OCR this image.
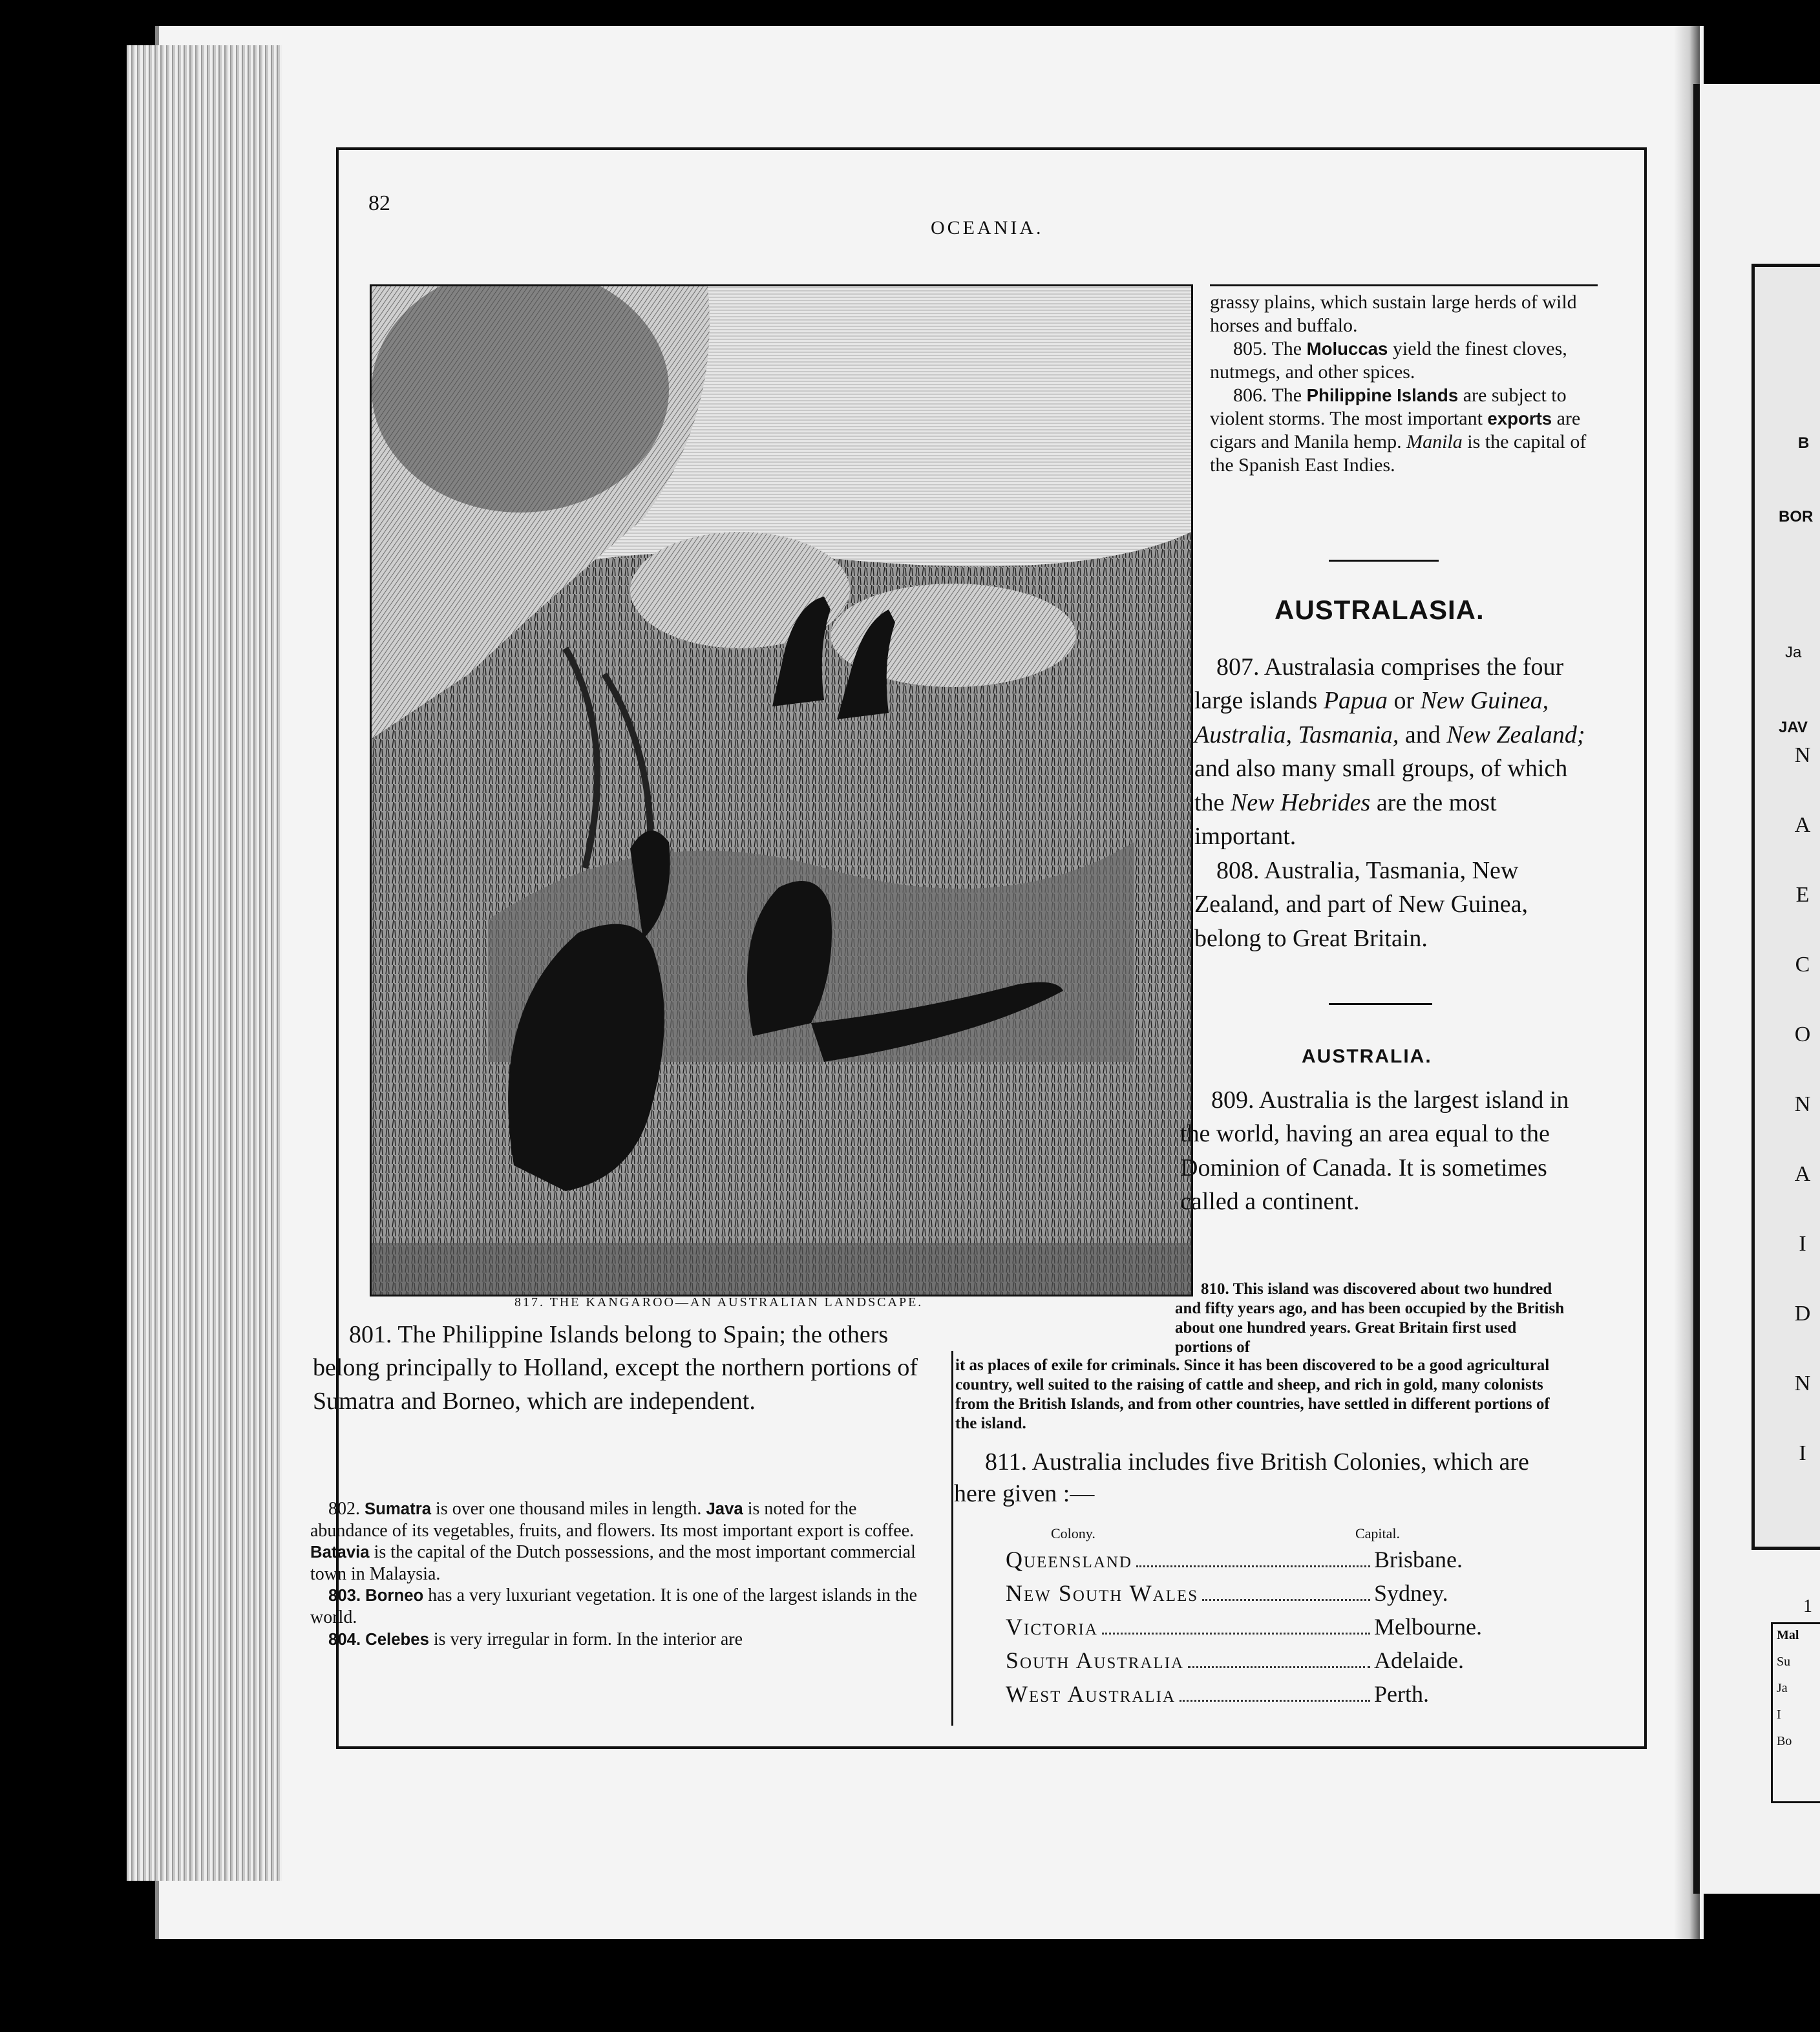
B
BOR
Ja
JAV
N
A
E
C
O
N
A
I
D
N
I
1
Mal
Su
Ja
I
Bo
82
OCEANIA.
817. THE KANGAROO—AN AUSTRALIAN LANDSCAPE.
grassy plains, which sustain large herds of wild horses and buffalo.
805. The Moluccas yield the finest cloves, nutmegs, and other spices.
806. The Philippine Islands are subject to violent storms. The most important exports are cigars and Manila hemp. Manila is the capital of the Spanish East Indies.
AUSTRALASIA.
807. Australasia comprises the four large islands Papua or New Guinea, Australia, Tasmania, and New Zealand; and also many small groups, of which the New Hebrides are the most important.
808. Australia, Tasmania, New Zealand, and part of New Guinea, belong to Great Britain.
AUSTRALIA.
809. Australia is the largest island in the world, having an area equal to the Dominion of Canada. It is sometimes called a continent.
810. This island was discovered about two hundred and fifty years ago, and has been occupied by the British about one hundred years. Great Britain first used portions of
it as places of exile for criminals. Since it has been discovered to be a good agricultural country, well suited to the raising of cattle and sheep, and rich in gold, many colonists from the British Islands, and from other countries, have settled in different portions of the island.
811. Australia includes five British Colonies, which are here given :—
Colony.	Capital.
Queensland	Brisbane.
New South Wales	Sydney.
Victoria	Melbourne.
South Australia	Adelaide.
West Australia	Perth.
801. The Philippine Islands belong to Spain; the others belong principally to Holland, except the northern portions of Sumatra and Borneo, which are independent.
802. Sumatra is over one thousand miles in length. Java is noted for the abundance of its vegetables, fruits, and flowers. Its most important export is coffee. Batavia is the capital of the Dutch possessions, and the most important commercial town in Malaysia.
803. Borneo has a very luxuriant vegetation. It is one of the largest islands in the world.
804. Celebes is very irregular in form. In the interior are
